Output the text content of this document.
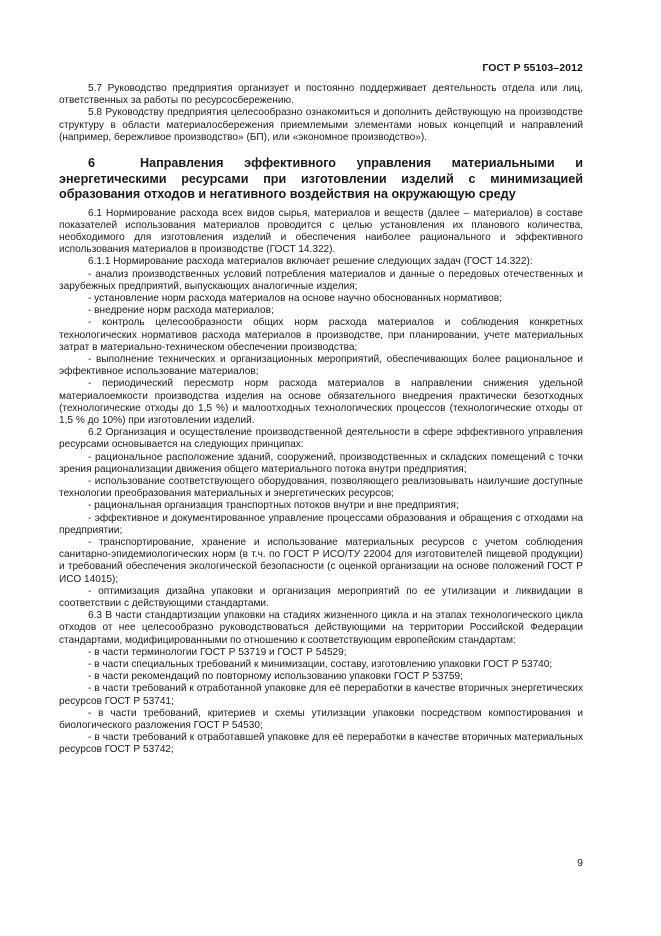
ГОСТ Р 55103–2012

5.7 Руководство предприятия организует и постоянно поддерживает деятельность отдела или лиц, ответственных за работы по ресурсосбережению.

5.8 Руководству предприятия целесообразно ознакомиться и дополнить действующую на производстве структуру в области материалосбережения приемлемыми элементами новых концепций и направлений (например, бережливое производство» (БП), или «экономное производство»).

6	Направления эффективного управления материальными и энергетическими ресурсами при изготовлении изделий с минимизацией образования отходов и негативного воздействия на окружающую среду

6.1 Нормирование расхода всех видов сырья, материалов и веществ (далее – материалов) в составе показателей использования материалов проводится с целью установления их планового количества, необходимого для изготовления изделий и обеспечения наиболее рационального и эффективного использования материалов в производстве (ГОСТ 14.322).

6.1.1 Нормирование расхода материалов включает решение следующих задач (ГОСТ 14.322):

- анализ производственных условий потребления материалов и данные о передовых отечественных и зарубежных предприятий, выпускающих аналогичные изделия;

- установление норм расхода материалов на основе научно обоснованных нормативов;

- внедрение норм расхода материалов;

- контроль целесообразности общих норм расхода материалов и соблюдения конкретных технологических нормативов расхода материалов в производстве, при планировании, учете материальных затрат в материально-техническом обеспечении производства;

- выполнение технических и организационных мероприятий, обеспечивающих более рациональное и эффективное использование материалов;

- периодический пересмотр норм расхода материалов в направлении снижения удельной материалоемкости производства изделия на основе обязательного внедрения практически безотходных (технологические отходы до 1,5 %) и малоотходных технологических процессов (технологические отходы от 1,5 % до 10%) при изготовлении изделий.

6.2 Организация и осуществление производственной деятельности в сфере эффективного управления ресурсами основывается на следующих принципах:

- рациональное расположение зданий, сооружений, производственных и складских помещений с точки зрения рационализации движения общего материального потока внутри предприятия;

- использование соответствующего оборудования, позволяющего реализовывать наилучшие доступные технологии преобразования материальных и энергетических ресурсов;

- рациональная организация транспортных потоков внутри и вне предприятия;

- эффективное и документированное управление процессами образования и обращения с отходами на предприятии;

- транспортирование, хранение и использование материальных ресурсов с учетом соблюдения санитарно-эпидемиологических норм (в т.ч. по ГОСТ Р ИСО/ТУ 22004 для изготовителей пищевой продукции) и требований обеспечения экологической безопасности (с оценкой организации на основе положений ГОСТ Р ИСО 14015);

- оптимизация дизайна упаковки и организация мероприятий по ее утилизации и ликвидации в соответствии с действующими стандартами.

6.3 В части стандартизации упаковки на стадиях жизненного цикла и на этапах технологического цикла отходов от нее целесообразно руководствоваться действующими на территории Российской Федерации стандартами, модифицированными по отношению к соответствующим европейским стандартам:

- в части терминологии ГОСТ Р 53719 и ГОСТ Р 54529;

- в части специальных требований к минимизации, составу, изготовлению упаковки ГОСТ Р 53740;

- в части рекомендаций по повторному использованию упаковки ГОСТ Р 53759;

- в части требований к отработанной упаковке для её переработки в качестве вторичных энергетических ресурсов ГОСТ Р 53741;

- в части требований, критериев и схемы утилизации упаковки посредством компостирования и биологического разложения ГОСТ Р 54530;

- в части требований к отработавшей упаковке для её переработки в качестве вторичных материальных ресурсов ГОСТ Р 53742;

9
